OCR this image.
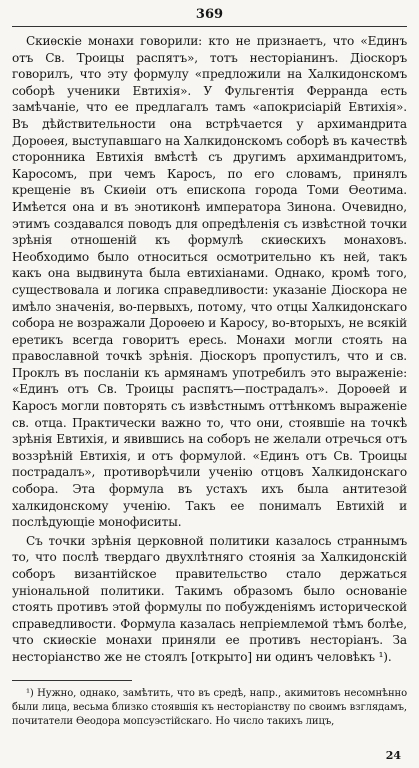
369

Скиѳскіе монахи говорили: кто не признаетъ, что «Единъ отъ Св. Троицы распятъ», тотъ несторіанинъ. Діоскоръ говорилъ, что эту формулу «предложили на Халкидонскомъ соборѣ ученики Евтихія». У Фульгентія Ферранда есть замѣчаніе, что ее предлагалъ тамъ «апокрисіарій Евтихія». Въ дѣйствительности она встрѣчается у архимандрита Дороѳея, выступавшаго на Халкидонскомъ соборѣ въ качествѣ сторонника Евтихія вмѣстѣ съ другимъ архимандритомъ, Каросомъ, при чемъ Каросъ, по его словамъ, принялъ крещеніе въ Скиѳіи отъ епископа города Томи Ѳеотима. Имѣется она и въ энотиконѣ императора Зинона. Очевидно, этимъ создавался поводъ для опредѣленія съ извѣстной точки зрѣнія отношеній къ формулѣ скиѳскихъ монаховъ. Необходимо было относиться осмотрительно къ ней, такъ какъ она выдвинута была евтихіанами. Однако, кромѣ того, существовала и логика справедливости: указаніе Діоскора не имѣло значенія, во-первыхъ, потому, что отцы Халкидонскаго собора не возражали Дороѳею и Каросу, во-вторыхъ, не всякій еретикъ всегда говоритъ ересь. Монахи могли стоять на православной точкѣ зрѣнія. Діоскоръ пропустилъ, что и св. Проклъ въ посланіи къ армянамъ употребилъ это выраженіе: «Единъ отъ Св. Троицы распятъ—пострадалъ». Дороѳей и Каросъ могли повторять съ извѣстнымъ оттѣнкомъ выраженіе св. отца. Практически важно то, что они, стоявшіе на точкѣ зрѣнія Евтихія, и явившись на соборъ не желали отречься отъ воззрѣній Евтихія, и отъ формулой. «Единъ отъ Св. Троицы пострадалъ», противорѣчили ученію отцовъ Халкидонскаго собора. Эта формула въ устахъ ихъ была антитезой халкидонскому ученію. Такъ ее понималъ Евтихій и послѣдующіе монофиситы.

Съ точки зрѣнія церковной политики казалось страннымъ то, что послѣ твердаго двухлѣтняго стоянія за Халкидонскій соборъ византійское правительство стало держаться уніональной политики. Такимъ образомъ было основаніе стоять противъ этой формулы по побужденіямъ исторической справедливости. Формула казалась непріемлемой тѣмъ болѣе, что скиѳскіе монахи приняли ее противъ несторіанъ. За несторіанство же не стоялъ [открыто] ни одинъ человѣкъ ¹).

¹) Нужно, однако, замѣтить, что въ средѣ, напр., акимитовъ несомнѣнно были лица, весьма близко стоявшія къ несторіанству по своимъ взглядамъ, почитатели Ѳеодора мопсуэстійскаго. Но число такихъ лицъ,

24
